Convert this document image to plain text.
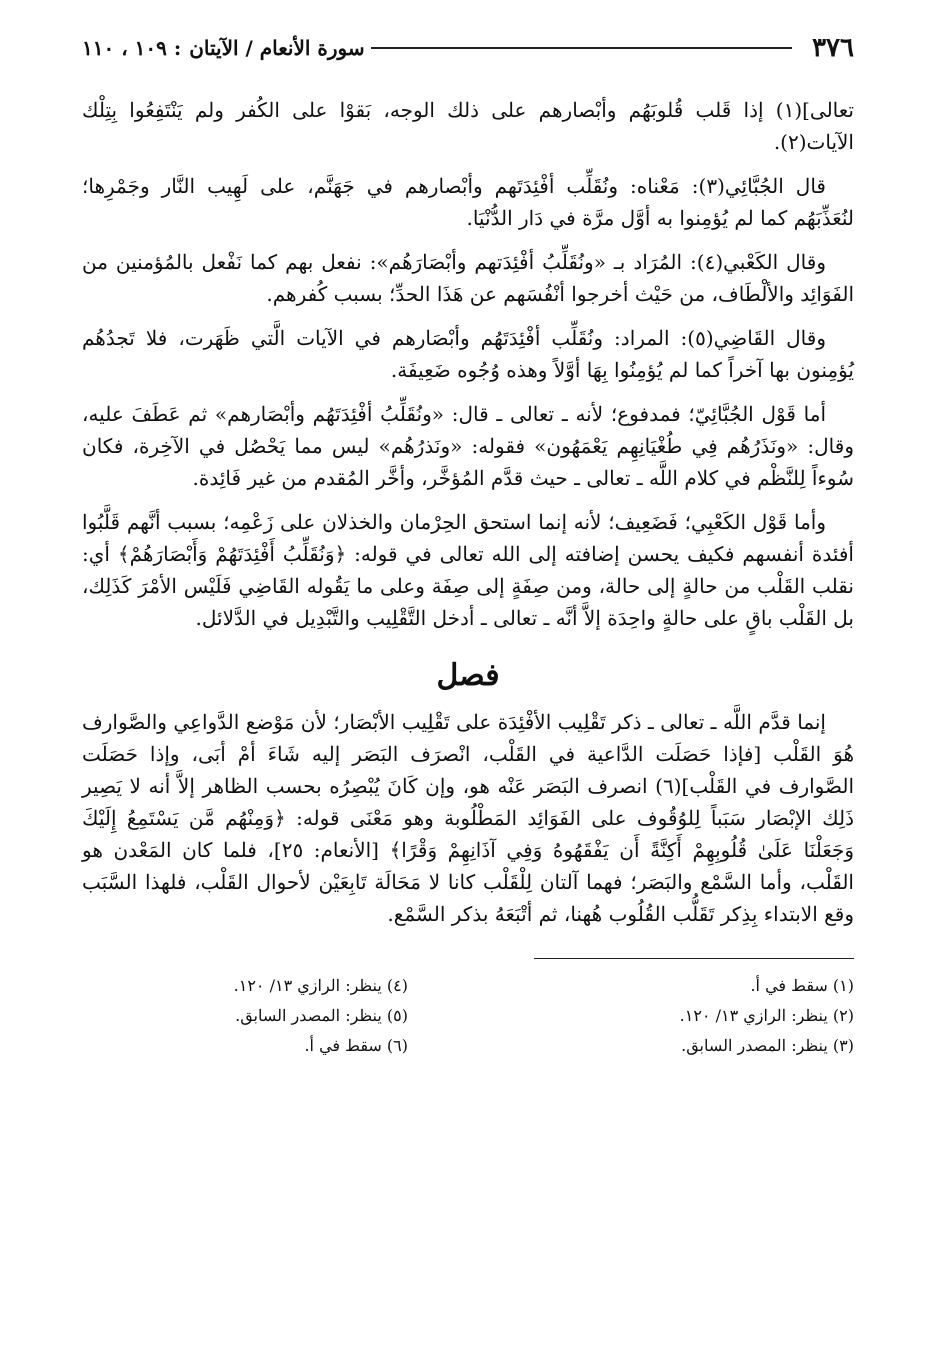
٣٧٦
سورة الأنعام / الآيتان
: ١٠٩ ، ١١٠

تعالى](١) إذا قَلب قُلوبَهُم وأبْصارهم على ذلك الوجه، بَقوْا على الكُفر ولم يَنْتَفِعُوا بِتِلْك الآيات(٢).

قال الجُبَّائِي(٣): مَعْناه: ونُقَلِّب أفْئِدَتَهم وأبْصارهم في جَهَنَّم، على لَهِيب النَّار وجَمْرِها؛ لنُعَذِّبَهُم كما لم يُؤمِنوا به أوَّل مرَّة في دَار الدُّنْيَا.

وقال الكَعْبي(٤): المُرَاد بـ «ونُقَلِّبُ أفْئِدَتهم وأبْصَارَهُم»: نفعل بهم كما نَفْعل بالمُؤمنين من الفَوَائِد والألْطَاف، من حَيْث أخرجوا أنْفُسَهم عن هَذَا الحدِّ؛ بسبب كُفرهم.

وقال القَاضِي(٥): المراد: ونُقَلِّب أفْئِدَتَهُم وأبْصَارهم في الآيات الَّتي ظَهَرت، فلا تَجدُهُم يُؤمِنون بها آخراً كما لم يُؤمِنُوا بِهَا أوَّلاً وهذه وُجُوه ضَعِيفَة.

أما قَوْل الجُبَّائِيّ؛ فمدفوع؛ لأنه ـ تعالى ـ قال: «ونُقَلِّبُ أفْئِدَتَهُم وأبْصَارهم» ثم عَطَفَ عليه، وقال: «ونَذَرُهُم فِي طُغْيَانِهِم يَعْمَهُون» فقوله: «ونَذرُهُم» ليس مما يَحْصُل في الآخِرة، فكان سُوءاً لِلنَّظْم في كلام اللَّه ـ تعالى ـ حيث قدَّم المُؤخَّر، وأخَّر المُقدم من غير فَائِدة.

وأما قَوْل الكَعْبِي؛ فَضَعِيف؛ لأنه إنما استحق الحِرْمان والخذلان على زَعْمِه؛ بسبب أنَّهم قَلَّبُوا أفئدة أنفسهم فكيف يحسن إضافته إلى الله تعالى في قوله: ﴿وَنُقَلِّبُ أَفْئِدَتَهُمْ وَأَبْصَارَهُمْ﴾ أي: نقلب القَلْب من حالةٍ إلى حالة، ومن صِفَةٍ إلى صِفَة وعلى ما يَقُوله القَاضِي فَلَيْس الأمْرَ كَذَلِك، بل القَلْب باقٍ على حالةٍ واحِدَة إلاَّ أنَّه ـ تعالى ـ أدخل التَّقْلِيب والتَّبْدِيل في الدَّلائل.

فصل

إنما قدَّم اللَّه ـ تعالى ـ ذكر تَقْلِيب الأفْئِدَة على تَقْلِيب الأبْصَار؛ لأن مَوْضع الدَّواعِي والصَّوارف هُوَ القَلْب [فإذا حَصَلَت الدَّاعية في القَلْب، انْصرَف البَصَر إليه شَاءَ أمْ أبَى، وإذا حَصَلَت الصَّوارف في القَلْب](٦) انصرف البَصَر عَنْه هو، وإن كَانَ يُبْصِرُه بحسب الظاهر إلاَّ أنه لا يَصِير ذَلِك الإبْصَار سَبَباً لِلوُقُوف على الفَوَائِد المَطْلُوبة وهو مَعْنَى قوله: ﴿وَمِنْهُم مَّن يَسْتَمِعُ إِلَيْكَ وَجَعَلْنَا عَلَىٰ قُلُوبِهِمْ أَكِنَّةً أَن يَفْقَهُوهُ وَفِي آذَانِهِمْ وَقْرًا﴾ [الأنعام: ٢٥]، فلما كان المَعْدن هو القَلْب، وأما السَّمْع والبَصَر؛ فهما آلتان لِلْقَلْب كانا لا مَحَالَة تَابِعَيْن لأحوال القَلْب، فلهذا السَّبَب وقع الابتداء بِذِكر تَقَلُّب القُلُوب هُهنا، ثم أتْبَعَهُ بذكر السَّمْع.

(١) سقط في أ.
(٢) ينظر: الرازي ١٣/ ١٢٠.
(٣) ينظر: المصدر السابق.
(٤) ينظر: الرازي ١٣/ ١٢٠.
(٥) ينظر: المصدر السابق.
(٦) سقط في أ.
